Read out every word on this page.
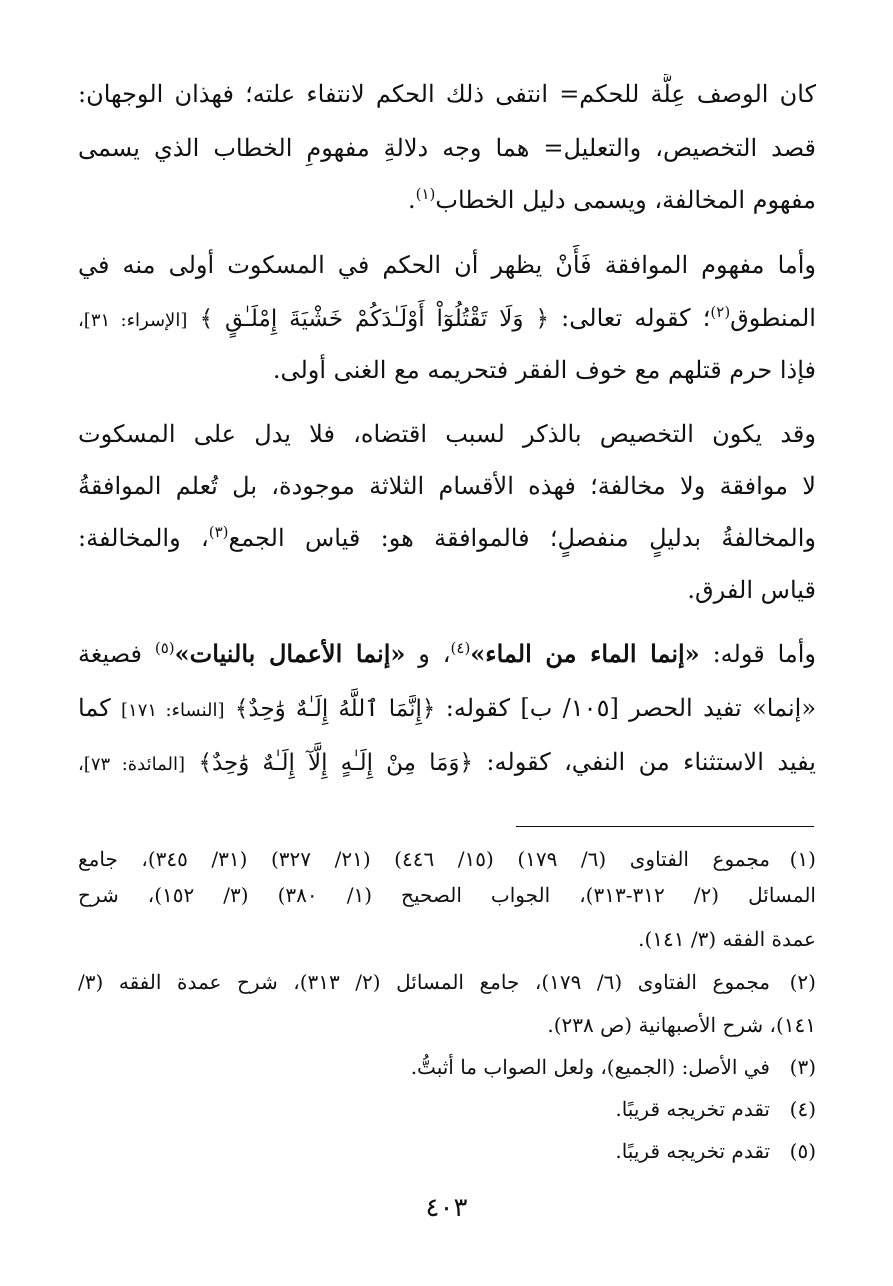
كان الوصف عِلَّة للحكم= انتفى ذلك الحكم لانتفاء علته؛ فهذان الوجهان:
قصد التخصيص، والتعليل= هما وجه دلالةِ مفهومِ الخطاب الذي يسمى
مفهوم المخالفة، ويسمى دليل الخطاب$^{(١)}$.
وأما مفهوم الموافقة فَأَنْ يظهر أن الحكم في المسكوت أولى منه في
المنطوق$^{(٢)}$؛ كقوله تعالى: ﴿ وَلَا تَقْتُلُوٓاْ أَوْلَـٰدَكُمْ خَشْيَةَ إِمْلَـٰقٍ ﴾ [الإسراء: ٣١]،
فإذا حرم قتلهم مع خوف الفقر فتحريمه مع الغنى أولى.
وقد يكون التخصيص بالذكر لسبب اقتضاه، فلا يدل على المسكوت
لا موافقة ولا مخالفة؛ فهذه الأقسام الثلاثة موجودة، بل تُعلم الموافقةُ
والمخالفةُ بدليلٍ منفصلٍ؛ فالموافقة هو: قياس الجمع$^{(٣)}$، والمخالفة:
قياس الفرق.
وأما قوله: «إنما الماء من الماء»$^{(٤)}$، و «إنما الأعمال بالنيات»$^{(٥)}$ فصيغة
«إنما» تفيد الحصر [١٠٥/ ب] كقوله: ﴿إِنَّمَا ٱللَّهُ إِلَـٰهٌ وَٰحِدٌ﴾ [النساء: ١٧١] كما
يفيد الاستثناء من النفي، كقوله: ﴿وَمَا مِنْ إِلَـٰهٍ إِلَّآ إِلَـٰهٌ وَٰحِدٌ﴾ [المائدة: ٧٣]،
(١)مجموع الفتاوى (٦/ ١٧٩) (١٥/ ٤٤٦) (٢١/ ٣٢٧) (٣١/ ٣٤٥)، جامع
المسائل (٢/ ٣١٢-٣١٣)، الجواب الصحيح (١/ ٣٨٠) (٣/ ١٥٢)، شرح
عمدة الفقه (٣/ ١٤١).
(٢)مجموع الفتاوى (٦/ ١٧٩)، جامع المسائل (٢/ ٣١٣)، شرح عمدة الفقه (٣/
١٤١)، شرح الأصبهانية (ص ٢٣٨).
(٣)في الأصل: (الجميع)، ولعل الصواب ما أثبتُّ.
(٤)تقدم تخريجه قريبًا.
(٥)تقدم تخريجه قريبًا.
٤٠٣
